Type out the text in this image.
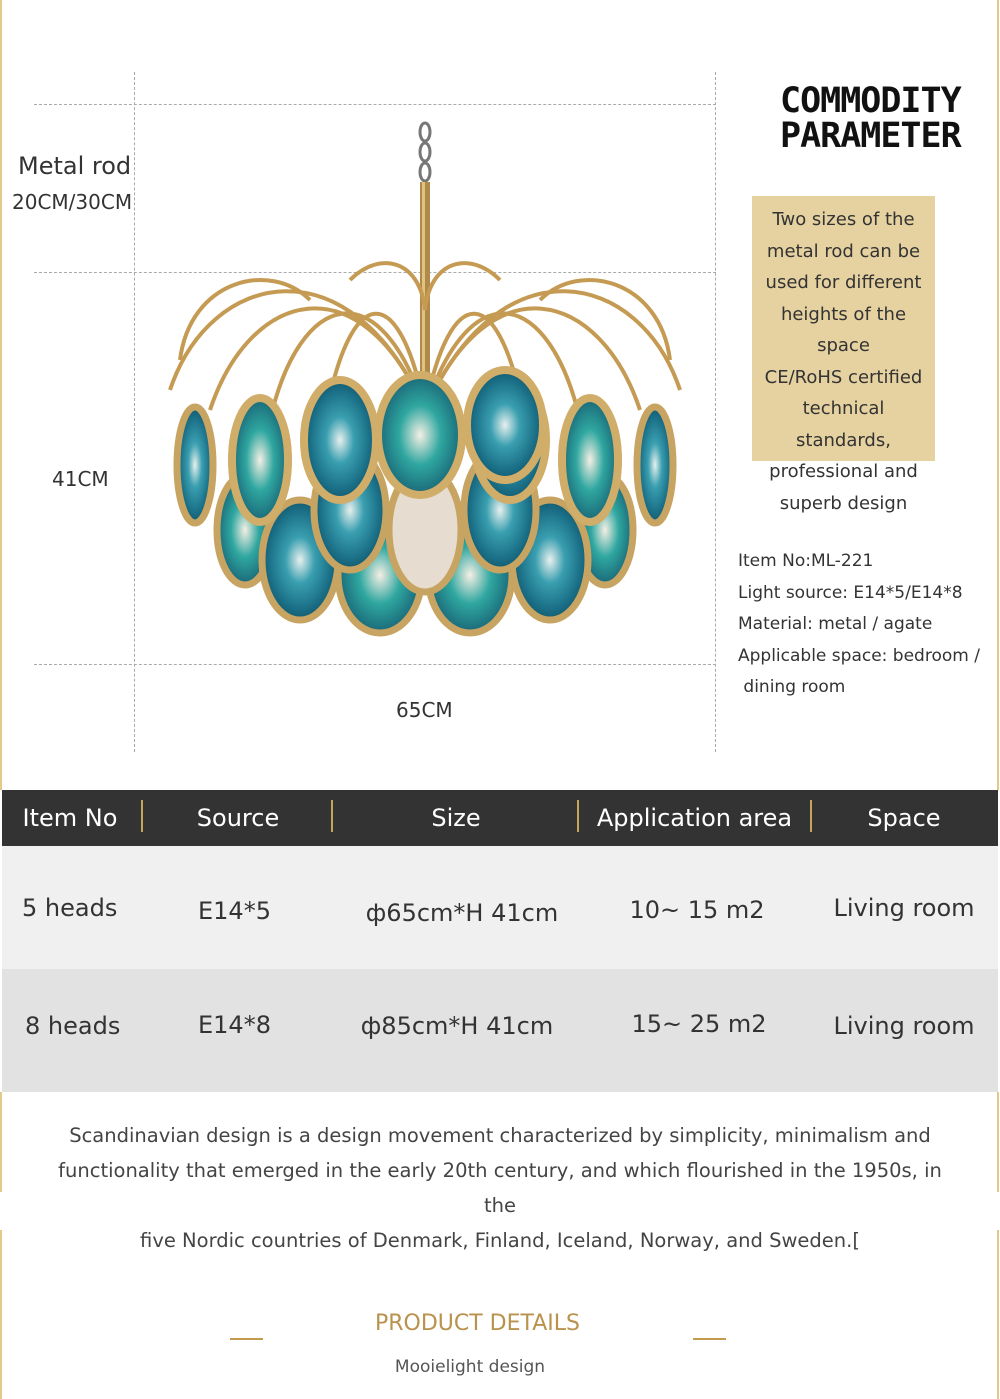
Metal rod
20CM/30CM
41CM
65CM
COMMODITY
PARAMETER
Two sizes of the
metal rod can be
used for different
heights of the space
CE/RoHS certified
technical standards,
professional and
superb design
Item No:ML-221
Light source: E14*5/E14*8
Material: metal / agate
Applicable space: bedroom /
dining room
Item No	Source	Size	Application area	Space
5 heads	E14*5	ф65cm*H 41cm	10~ 15 m2	Living room
8 heads	E14*8	ф85cm*H 41cm	15~ 25 m2	Living room
Scandinavian design is a design movement characterized by simplicity, minimalism and
functionality that emerged in the early 20th century, and which flourished in the 1950s, in the
five Nordic countries of Denmark, Finland, Iceland, Norway, and Sweden.[
PRODUCT DETAILS
Mooielight design
